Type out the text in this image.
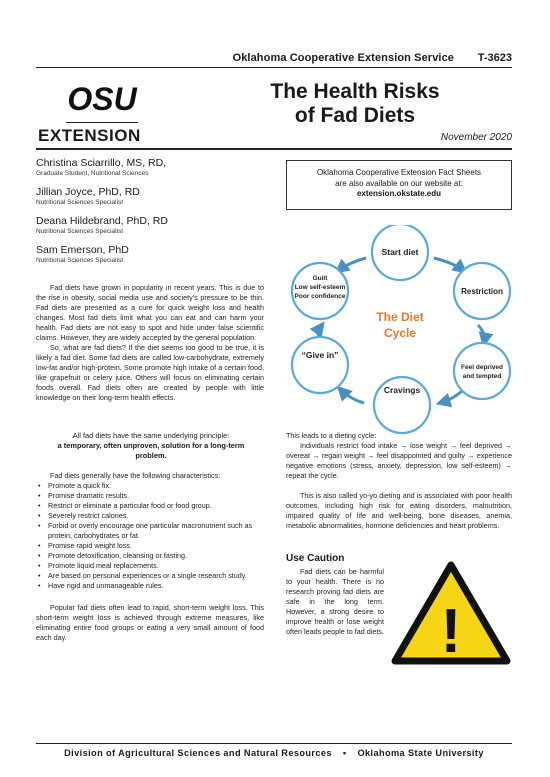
Oklahoma Cooperative Extension Service T-3623
OSU
EXTENSION
The Health Risks
of Fad Diets
November 2020
Christina Sciarrillo, MS, RD,
Graduate Student, Nutritional Sciences
Jillian Joyce, PhD, RD
Nutritional Sciences Specialist
Deana Hildebrand, PhD, RD
Nutritional Sciences Specialist
Sam Emerson, PhD
Nutritional Sciences Specialist
Oklahoma Cooperative Extension Fact Sheets
are also available on our website at:
extension.okstate.edu

Fad diets have grown in popularity in recent years. This is due to the rise in obesity, social media use and society's pressure to be thin. Fad diets are presented as a cure for quick weight loss and health changes. Most fad diets limit what you can eat and can harm your health. Fad diets are not easy to spot and hide under false scientific claims. However, they are widely accepted by the general population.

So, what are fad diets? If the diet seems too good to be true, it is likely a fad diet. Some fad diets are called low-carbohydrate, extremely low-fat and/or high-protein. Some promote high intake of a certain food, like grapefruit or celery juice. Others will focus on eliminating certain foods overall. Fad diets often are created by people with little knowledge on their long-term health effects.

Start diet
Restriction
Feel deprived
and tempted
Cravings
“Give in”
Guilt
Low self-esteem
Poor confidence
The Diet
Cycle
All fad diets have the same underlying principle:
a temporary, often unproven, solution for a long-term
problem.

Fad diets generally have the following characteristics:

• Promote a quick fix.
• Promise dramatic results.
• Restrict or eliminate a particular food or food group.
• Severely restrict calories.
• Forbid or overly encourage one particular macronutrient such as protein, carbohydrates or fat.
• Promise rapid weight loss.
• Promote detoxification, cleansing or fasting.
• Promote liquid meal replacements.
• Are based on personal experiences or a single research study.
• Have rigid and unmanageable rules.
Popular fad diets often lead to rapid, short-term weight loss. This short-term weight loss is achieved through extreme measures, like eliminating entire food groups or eating a very small amount of food each day.

This leads to a dieting cycle:

Individuals restrict food intake → lose weight → feel deprived → overeat → regain weight → feel disappointed and guilty → experience negative emotions (stress, anxiety, depression, low self-esteem) → repeat the cycle.

This is also called yo-yo dieting and is associated with poor health outcomes, including high risk for eating disorders, malnutrition, impaired quality of life and well-being, bone diseases, anemia, metabolic abnormalities, hormone deficiencies and heart problems.

Use Caution
Fad diets can be harmful to your health. There is no research proving fad diets are safe in the long term. However, a strong desire to improve health or lose weight often leads people to fad diets. !
Division of Agricultural Sciences and Natural Resources • Oklahoma State University
